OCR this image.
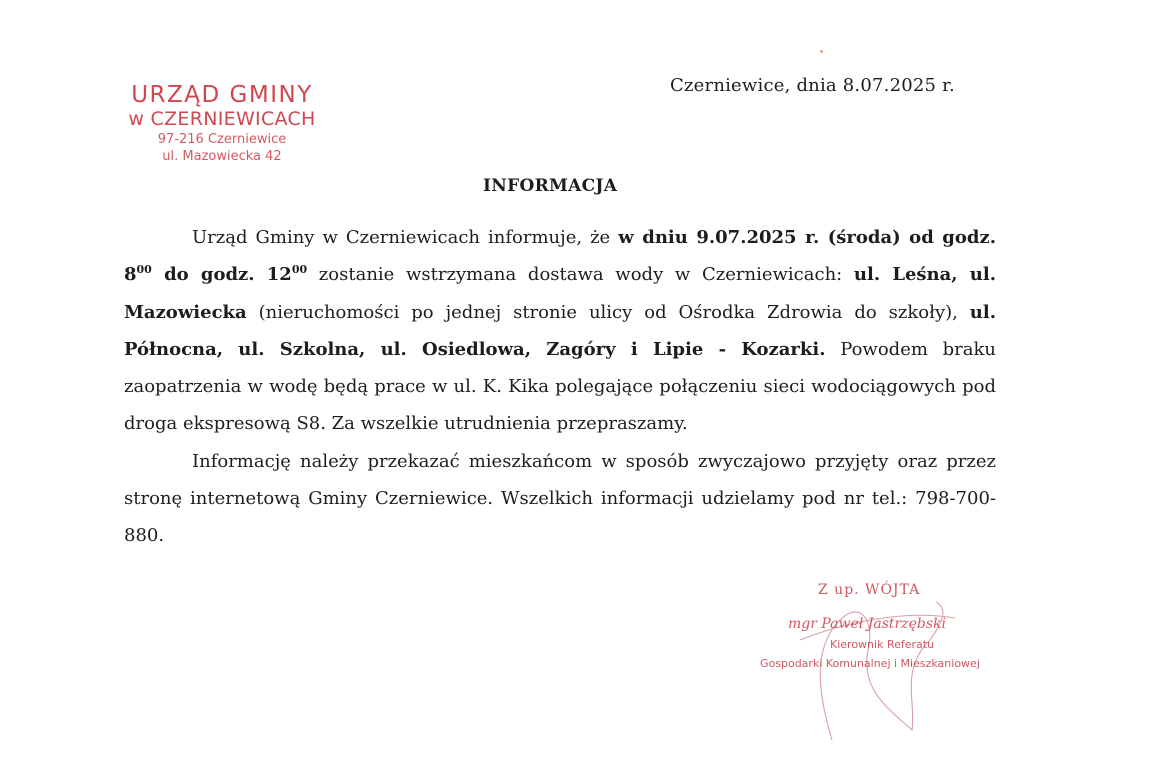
URZĄD GMINY
w CZERNIEWICACH
97-216 Czerniewice
ul. Mazowiecka 42
Czerniewice, dnia 8.07.2025 r.
INFORMACJA

Urząd Gminy w Czerniewicach informuje, że w dniu 9.07.2025 r. (środa) od godz. $8^{00}$ do godz. $12^{00}$ zostanie wstrzymana dostawa wody w Czerniewicach: ul. Leśna, ul. Mazowiecka (nieruchomości po jednej stronie ulicy od Ośrodka Zdrowia do szkoły), ul. Północna, ul. Szkolna, ul. Osiedlowa, Zagóry i Lipie - Kozarki. Powodem braku zaopatrzenia w wodę będą prace w ul. K. Kika polegające połączeniu sieci wodociągowych pod droga ekspresową S8. Za wszelkie utrudnienia przepraszamy.

Informację należy przekazać mieszkańcom w sposób zwyczajowo przyjęty oraz przez stronę internetową Gminy Czerniewice. Wszelkich informacji udzielamy pod nr tel.: 798-700-880.

Z up. WÓJTA
mgr Paweł Jastrzębski
Kierownik Referatu
Gospodarki Komunalnej i Mieszkaniowej
